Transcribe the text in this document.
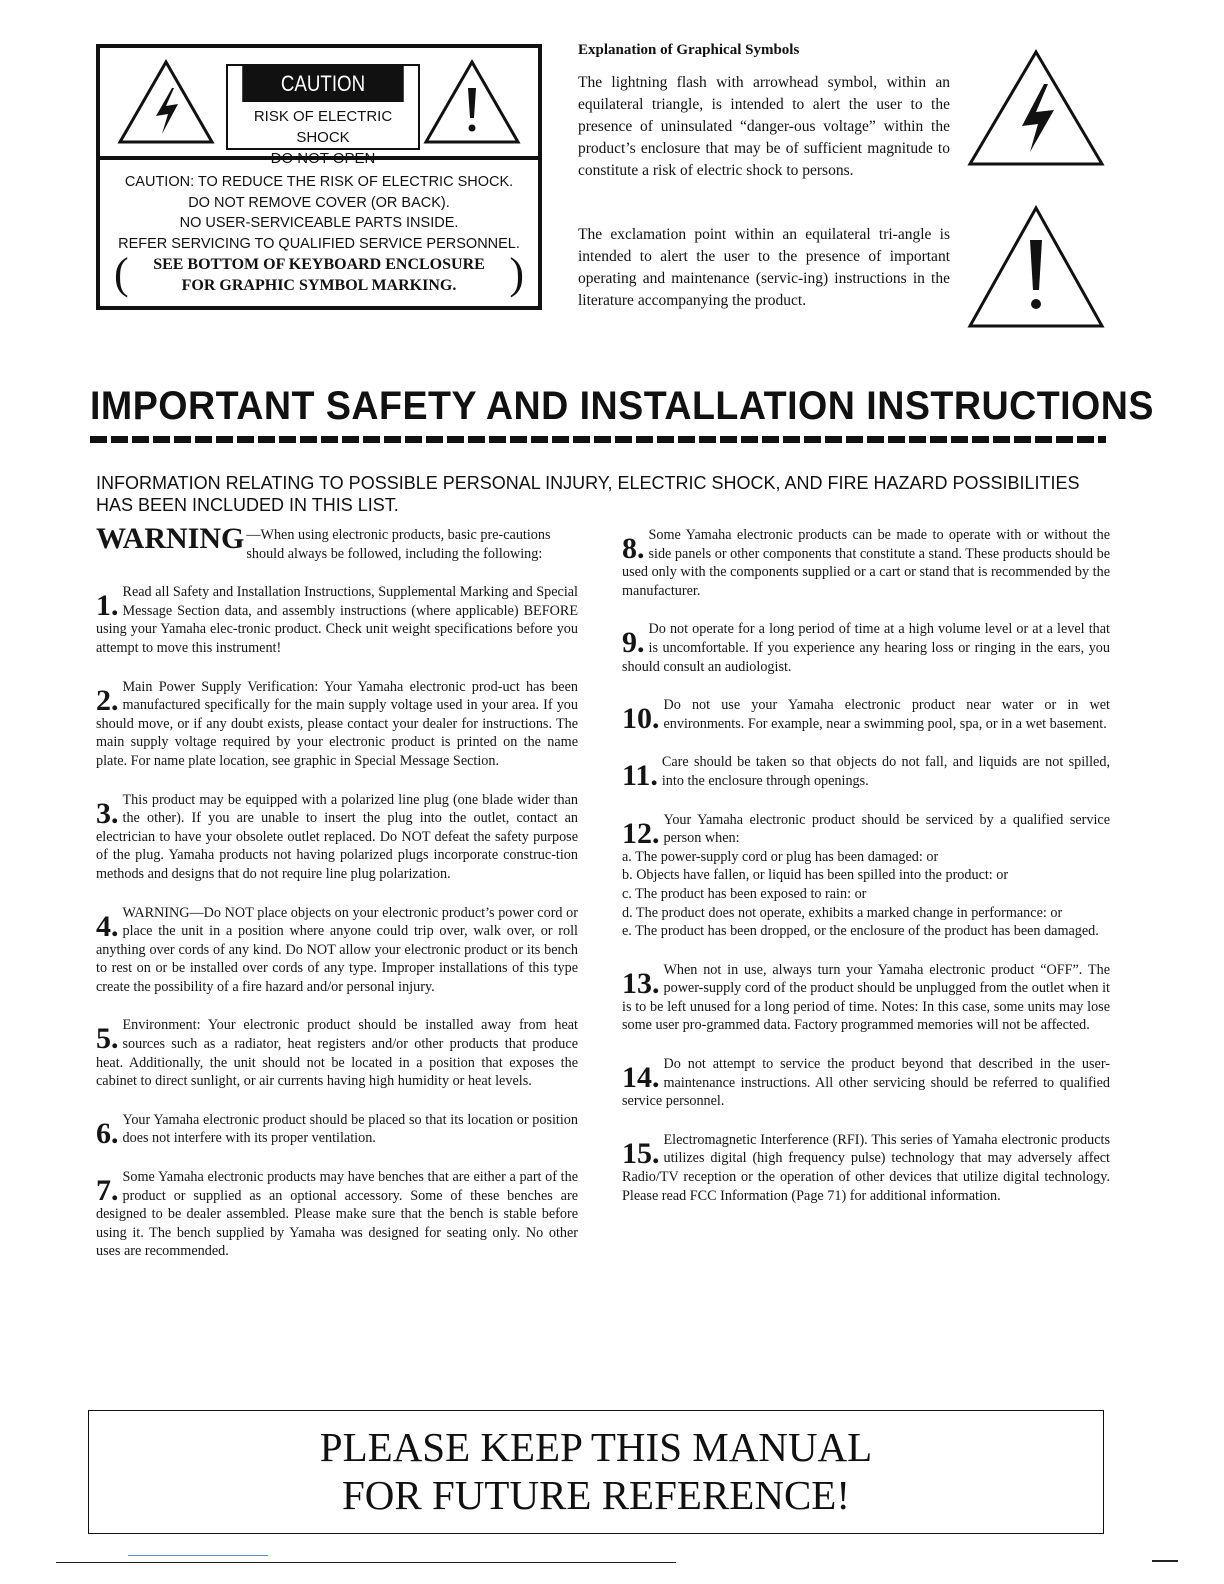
CAUTION
RISK OF ELECTRIC SHOCK
DO NOT OPEN
CAUTION: TO REDUCE THE RISK OF ELECTRIC SHOCK.
DO NOT REMOVE COVER (OR BACK).
NO USER-SERVICEABLE PARTS INSIDE.
REFER SERVICING TO QUALIFIED SERVICE PERSONNEL.
SEE BOTTOM OF KEYBOARD ENCLOSURE
FOR GRAPHIC SYMBOL MARKING.
(	)
Explanation of Graphical Symbols
The lightning flash with arrowhead symbol, within an equilateral triangle, is intended to alert the user to the presence of uninsulated “danger-ous voltage” within the product’s enclosure that may be of sufficient magnitude to constitute a risk of electric shock to persons.
The exclamation point within an equilateral tri-angle is intended to alert the user to the presence of important operating and maintenance (servic-ing) instructions in the literature accompanying the product.
IMPORTANT SAFETY AND INSTALLATION INSTRUCTIONS
INFORMATION RELATING TO POSSIBLE PERSONAL INJURY, ELECTRIC SHOCK, AND FIRE HAZARD POSSIBILITIES HAS BEEN INCLUDED IN THIS LIST.
WARNING —When using electronic products, basic pre-cautions should always be followed, including the following:
1. Read all Safety and Installation Instructions, Supplemental Marking and Special Message Section data, and assembly instructions (where applicable) BEFORE using your Yamaha elec-tronic product. Check unit weight specifications before you attempt to move this instrument!
2. Main Power Supply Verification: Your Yamaha electronic prod-uct has been manufactured specifically for the main supply voltage used in your area. If you should move, or if any doubt exists, please contact your dealer for instructions. The main supply voltage required by your electronic product is printed on the name plate. For name plate location, see graphic in Special Message Section.
3. This product may be equipped with a polarized line plug (one blade wider than the other). If you are unable to insert the plug into the outlet, contact an electrician to have your obsolete outlet replaced. Do NOT defeat the safety purpose of the plug. Yamaha products not having polarized plugs incorporate construc-tion methods and designs that do not require line plug polarization.
4. WARNING—Do NOT place objects on your electronic product’s power cord or place the unit in a position where anyone could trip over, walk over, or roll anything over cords of any kind. Do NOT allow your electronic product or its bench to rest on or be installed over cords of any type. Improper installations of this type create the possibility of a fire hazard and/or personal injury.
5. Environment: Your electronic product should be installed away from heat sources such as a radiator, heat registers and/or other products that produce heat. Additionally, the unit should not be located in a position that exposes the cabinet to direct sunlight, or air currents having high humidity or heat levels.
6. Your Yamaha electronic product should be placed so that its location or position does not interfere with its proper ventilation.
7. Some Yamaha electronic products may have benches that are either a part of the product or supplied as an optional accessory. Some of these benches are designed to be dealer assembled. Please make sure that the bench is stable before using it. The bench supplied by Yamaha was designed for seating only. No other uses are recommended.
8. Some Yamaha electronic products can be made to operate with or without the side panels or other components that constitute a stand. These products should be used only with the components supplied or a cart or stand that is recommended by the manufacturer.
9. Do not operate for a long period of time at a high volume level or at a level that is uncomfortable. If you experience any hearing loss or ringing in the ears, you should consult an audiologist.
10. Do not use your Yamaha electronic product near water or in wet environments. For example, near a swimming pool, spa, or in a wet basement.
11. Care should be taken so that objects do not fall, and liquids are not spilled, into the enclosure through openings.
12. Your Yamaha electronic product should be serviced by a qualified service person when:
a. The power-supply cord or plug has been damaged: or
b. Objects have fallen, or liquid has been spilled into the product: or
c. The product has been exposed to rain: or
d. The product does not operate, exhibits a marked change in performance: or
e. The product has been dropped, or the enclosure of the product has been damaged.
13. When not in use, always turn your Yamaha electronic product “OFF”. The power-supply cord of the product should be unplugged from the outlet when it is to be left unused for a long period of time. Notes: In this case, some units may lose some user pro-grammed data. Factory programmed memories will not be affected.
14. Do not attempt to service the product beyond that described in the user-maintenance instructions. All other servicing should be referred to qualified service personnel.
15. Electromagnetic Interference (RFI). This series of Yamaha electronic products utilizes digital (high frequency pulse) technology that may adversely affect Radio/TV reception or the operation of other devices that utilize digital technology. Please read FCC Information (Page 71) for additional information.
PLEASE KEEP THIS MANUAL
FOR FUTURE REFERENCE!
